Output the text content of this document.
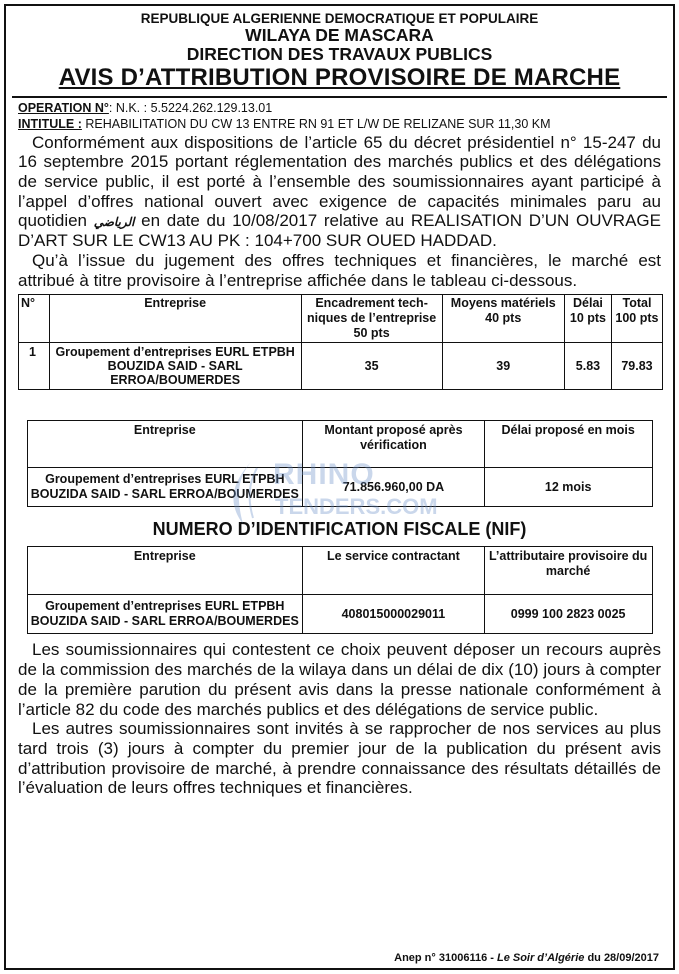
REPUBLIQUE ALGERIENNE DEMOCRATIQUE ET POPULAIRE
WILAYA DE MASCARA
DIRECTION DES TRAVAUX PUBLICS
AVIS D’ATTRIBUTION PROVISOIRE DE MARCHE
OPERATION N°: N.K. : 5.5224.262.129.13.01
INTITULE : REHABILITATION DU CW 13 ENTRE RN 91 ET L/W DE RELIZANE SUR 11,30 KM

Conformément aux dispositions de l’article 65 du décret présidentiel n° 15-247 du 16 septembre 2015 portant réglementation des marchés publics et des délégations de service public, il est porté à l’ensemble des soumissionnaires ayant participé à l’appel d’offres national ouvert avec exigence de capacités minimales paru au quotidien الرياضي en date du 10/08/2017 relative au REALISATION D’UN OUVRAGE D’ART SUR LE CW13 AU PK : 104+700 SUR OUED HADDAD.

Qu’à l’issue du jugement des offres techniques et financières, le marché est attribué à titre provisoire à l’entreprise affichée dans le tableau ci-dessous.

N°	Entreprise	Encadrement tech-niques de l’entreprise 50 pts	Moyens matériels 40 pts	Délai 10 pts	Total 100 pts
1	Groupement d’entreprises EURL ETPBH BOUZIDA SAID - SARL ERROA/BOUMERDES	35	39	5.83	79.83
Entreprise	Montant proposé après vérification	Délai proposé en mois
Groupement d’entreprises EURL ETPBH BOUZIDA SAID - SARL ERROA/BOUMERDES	71.856.960,00 DA	12 mois
NUMERO D’IDENTIFICATION FISCALE (NIF)
Entreprise	Le service contractant	L’attributaire provisoire du marché
Groupement d’entreprises EURL ETPBH BOUZIDA SAID - SARL ERROA/BOUMERDES	408015000029011	0999 100 2823 0025

Les soumissionnaires qui contestent ce choix peuvent déposer un recours auprès de la commission des marchés de la wilaya dans un délai de dix (10) jours à compter de la première parution du présent avis dans la presse nationale conformément à l’article 82 du code des marchés publics et des délégations de service public.

Les autres soumissionnaires sont invités à se rapprocher de nos services au plus tard trois (3) jours à compter du premier jour de la publication du présent avis d’attribution provisoire de marché, à prendre connaissance des résultats détaillés de l’évaluation de leurs offres techniques et financières.

RHINO
TENDERS.COM
Anep n° 31006116 - Le Soir d’Algérie du 28/09/2017
